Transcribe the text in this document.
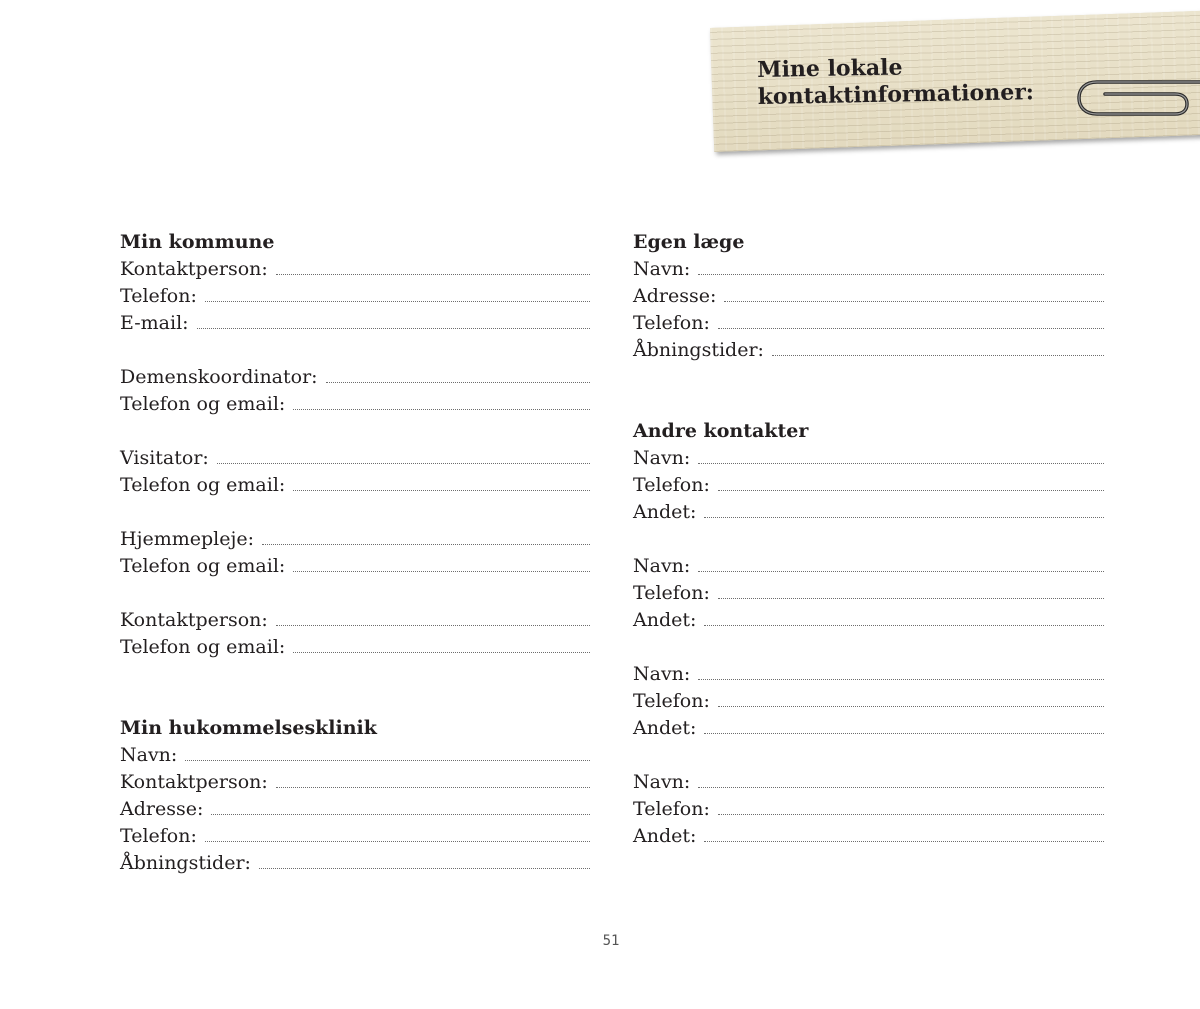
Mine lokale
kontaktinformationer:
Min kommune
Kontaktperson:
Telefon:
E-mail:
Demenskoordinator:
Telefon og email:
Visitator:
Telefon og email:
Hjemmepleje:
Telefon og email:
Kontaktperson:
Telefon og email:
Min hukommelsesklinik
Navn:
Kontaktperson:
Adresse:
Telefon:
Åbningstider:
Egen læge
Navn:
Adresse:
Telefon:
Åbningstider:
Andre kontakter
Navn:
Telefon:
Andet:
Navn:
Telefon:
Andet:
Navn:
Telefon:
Andet:
Navn:
Telefon:
Andet:
51
